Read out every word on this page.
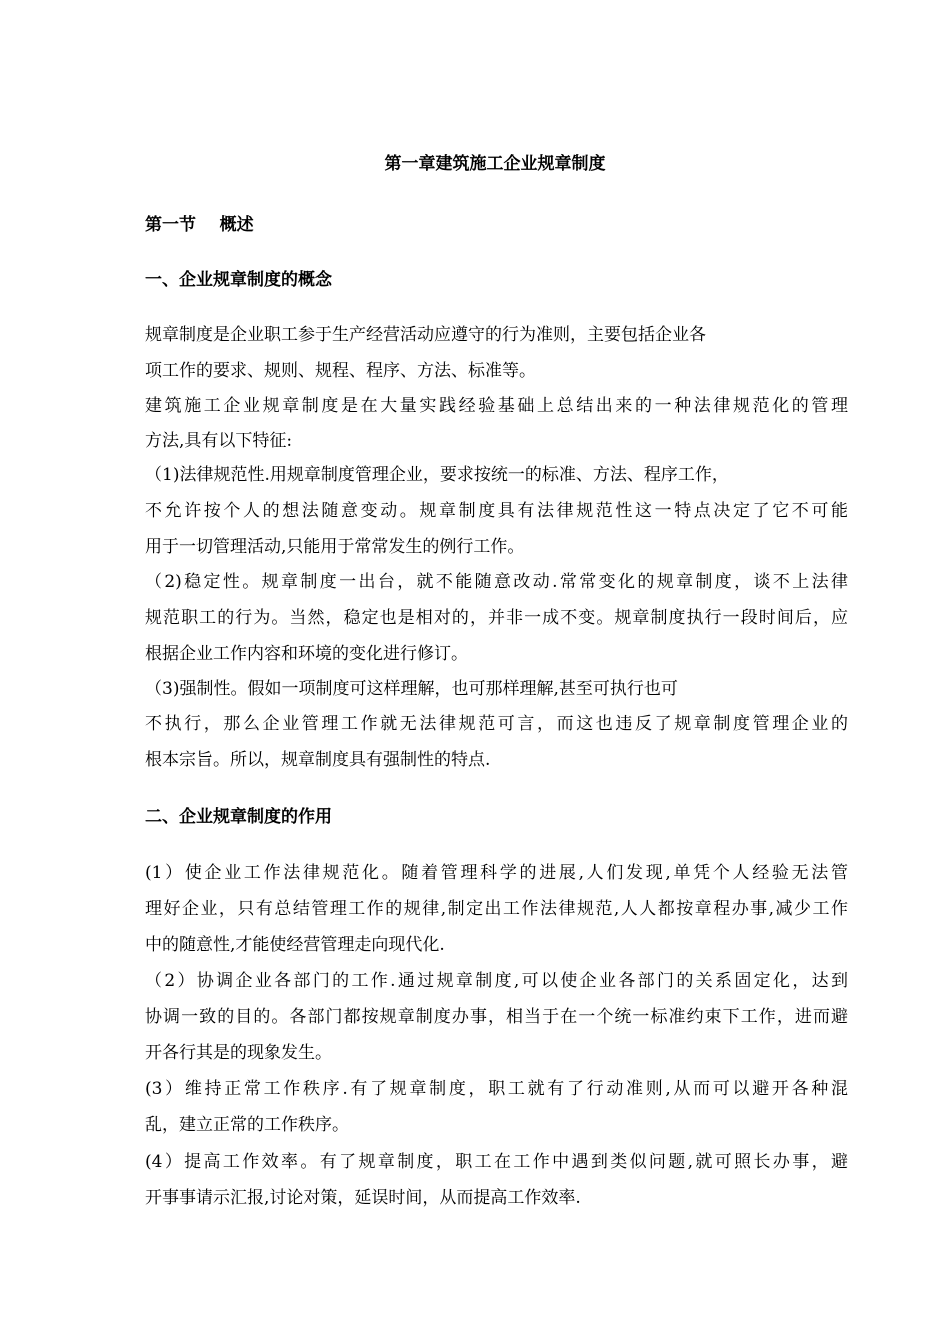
第一章建筑施工企业规章制度

第一节    概述

一、企业规章制度的概念

规章制度是企业职工参于生产经营活动应遵守的行为准则，主要包括企业各

项工作的要求、规则、规程、程序、方法、标准等。

建筑施工企业规章制度是在大量实践经验基础上总结出来的一种法律规范化的管理

方法,具有以下特征:

（1)法律规范性.用规章制度管理企业，要求按统一的标准、方法、程序工作，

不允许按个人的想法随意变动。规章制度具有法律规范性这一特点决定了它不可能

用于一切管理活动,只能用于常常发生的例行工作。

（2)稳定性。规章制度一出台，就不能随意改动.常常变化的规章制度，谈不上法律

规范职工的行为。当然，稳定也是相对的，并非一成不变。规章制度执行一段时间后，应

根据企业工作内容和环境的变化进行修订。

（3)强制性。假如一项制度可这样理解，也可那样理解,甚至可执行也可

不执行，那么企业管理工作就无法律规范可言，而这也违反了规章制度管理企业的

根本宗旨。所以，规章制度具有强制性的特点.

二、企业规章制度的作用

(1）使企业工作法律规范化。随着管理科学的进展,人们发现,单凭个人经验无法管

理好企业，只有总结管理工作的规律,制定出工作法律规范,人人都按章程办事,减少工作

中的随意性,才能使经营管理走向现代化.

（2）协调企业各部门的工作.通过规章制度,可以使企业各部门的关系固定化，达到

协调一致的目的。各部门都按规章制度办事，相当于在一个统一标准约束下工作，进而避

开各行其是的现象发生。

(3）维持正常工作秩序.有了规章制度，职工就有了行动准则,从而可以避开各种混

乱，建立正常的工作秩序。

(4）提高工作效率。有了规章制度，职工在工作中遇到类似问题,就可照长办事，避

开事事请示汇报,讨论对策，延误时间，从而提高工作效率.
